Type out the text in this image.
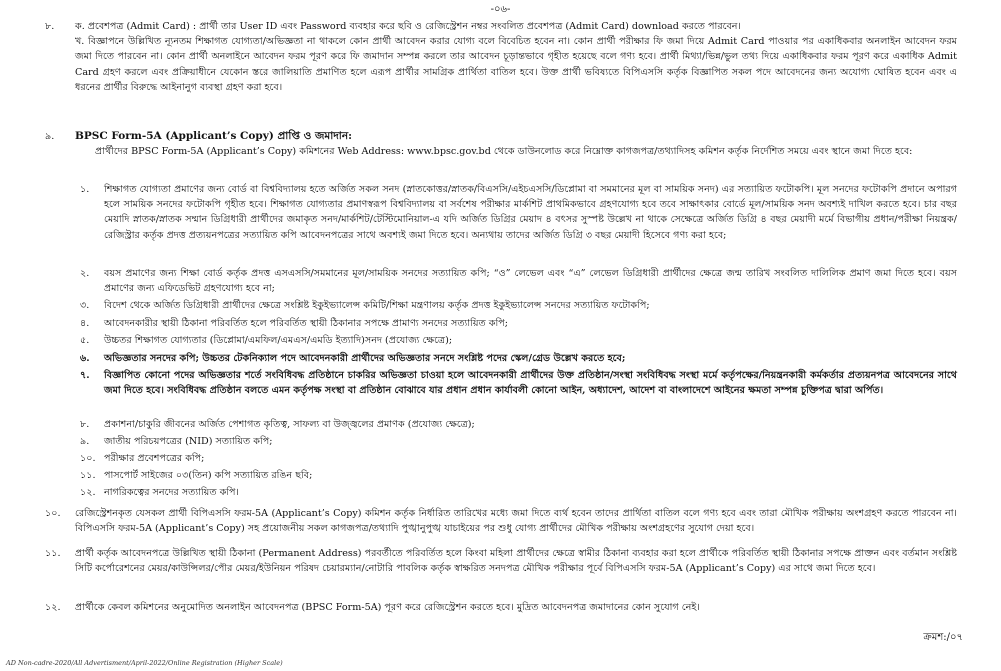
-০৬-
৮. ক. প্রবেশপত্র (Admit Card) : প্রার্থী তার User ID এবং Password ব্যবহার করে ছবি ও রেজিস্ট্রেশন নম্বর সংবলিত প্রবেশপত্র (Admit Card) download করতে পারবেন।

খ. বিজ্ঞাপনে উল্লিখিত ন্যূনতম শিক্ষাগত যোগ্যতা/অভিজ্ঞতা না থাকলে কোন প্রার্থী আবেদন করার যোগ্য বলে বিবেচিত হবেন না। কোন প্রার্থী পরীক্ষার ফি জমা দিয়ে Admit Card পাওয়ার পর একাধিকবার অনলাইন আবেদন ফরম জমা দিতে পারবেন না। কোন প্রার্থী অনলাইনে আবেদন ফরম পূরণ করে ফি জমাদান সম্পন্ন করলে তার আবেদন চূড়ান্তভাবে গৃহীত হয়েছে বলে গণ্য হবে। প্রার্থী মিথ্যা/ভিন্ন/ভুল তথ্য দিয়ে একাধিকবার ফরম পূরণ করে একাধিক Admit Card গ্রহণ করলে এবং প্রক্রিয়াধীনে যেকোন স্তরে জালিয়াতি প্রমাণিত হলে এরূপ প্রার্থীর সামগ্রিক প্রার্থিতা বাতিল হবে। উক্ত প্রার্থী ভবিষ্যতে বিপিএসসি কর্তৃক বিজ্ঞাপিত সকল পদে আবেদনের জন্য অযোগ্য ঘোষিত হবেন এবং এ ধরনের প্রার্থীর বিরুদ্ধে আইনানুগ ব্যবস্থা গ্রহণ করা হবে।

৯. BPSC Form-5A (Applicant’s Copy) প্রাপ্তি ও জমাদান:

প্রার্থীদের BPSC Form-5A (Applicant’s Copy) কমিশনের Web Address: www.bpsc.gov.bd থেকে ডাউনলোড করে নিম্নোক্ত কাগজপত্র/তথ্যাদিসহ কমিশন কর্তৃক নির্দেশিত সময়ে এবং স্থানে জমা দিতে হবে:

১. শিক্ষাগত যোগ্যতা প্রমাণের জন্য বোর্ড বা বিশ্ববিদ্যালয় হতে অর্জিত সকল সনদ (স্নাতকোত্তর/স্নাতক/বিএসসি/এইচএসসি/ডিপ্লোমা বা সমমানের মূল বা সাময়িক সনদ) এর সত্যায়িত ফটোকপি। মূল সনদের ফটোকপি প্রদানে অপারগ হলে সাময়িক সনদের ফটোকপি গৃহীত হবে। শিক্ষাগত যোগ্যতার প্রমাণস্বরূপ বিশ্ববিদ্যালয় বা সর্বশেষ পরীক্ষার মার্কশিট প্রাথমিকভাবে গ্রহণযোগ্য হবে তবে সাক্ষাৎকার বোর্ডে মূল/সাময়িক সনদ অবশ্যই দাখিল করতে হবে। চার বছর মেয়াদি স্নাতক/স্নাতক সম্মান ডিগ্রিধারী প্রার্থীদের জমাকৃত সনদ/মার্কশিট/টেস্টিমোনিয়াল-এ যদি অর্জিত ডিগ্রির মেয়াদ ৪ বৎসর সুস্পষ্ট উল্লেখ না থাকে সেক্ষেত্রে অর্জিত ডিগ্রি ৪ বছর মেয়াদী মর্মে বিভাগীয় প্রধান/পরীক্ষা নিয়ন্ত্রক/রেজিস্ট্রার কর্তৃক প্রদত্ত প্রত্যয়নপত্রের সত্যায়িত কপি আবেদনপত্রের সাথে অবশ্যই জমা দিতে হবে। অন্যথায় তাদের অর্জিত ডিগ্রি ৩ বছর মেয়াদী হিসেবে গণ্য করা হবে;

২. বয়স প্রমাণের জন্য শিক্ষা বোর্ড কর্তৃক প্রদত্ত এসএসসি/সমমানের মূল/সাময়িক সনদের সত্যায়িত কপি; “ও” লেভেল এবং “এ” লেভেল ডিগ্রিধারী প্রার্থীদের ক্ষেত্রে জন্ম তারিখ সংবলিত দালিলিক প্রমাণ জমা দিতে হবে। বয়স প্রমাণের জন্য এফিডেভিট গ্রহণযোগ্য হবে না;

৩. বিদেশ থেকে অর্জিত ডিগ্রিধারী প্রার্থীদের ক্ষেত্রে সংশ্লিষ্ট ইকুইভ্যালেন্স কমিটি/শিক্ষা মন্ত্রণালয় কর্তৃক প্রদত্ত ইকুইভ্যালেন্স সনদের সত্যায়িত ফটোকপি;

৪. আবেদনকারীর স্থায়ী ঠিকানা পরিবর্তিত হলে পরিবর্তিত স্থায়ী ঠিকানার সপক্ষে প্রামাণ্য সনদের সত্যায়িত কপি;

৫. উচ্চতর শিক্ষাগত যোগ্যতার (ডিপ্লোমা/এমফিল/এমএস/এমডি ইত্যাদি)সনদ (প্রযোজ্য ক্ষেত্রে);

৬. অভিজ্ঞতার সনদের কপি; উচ্চতর টেকনিক্যাল পদে আবেদনকারী প্রার্থীদের অভিজ্ঞতার সনদে সংশ্লিষ্ট পদের স্কেল/গ্রেড উল্লেখ করতে হবে;

৭. বিজ্ঞাপিত কোনো পদের অভিজ্ঞতার শর্তে সংবিধিবদ্ধ প্রতিষ্ঠানে চাকরির অভিজ্ঞতা চাওয়া হলে আবেদনকারী প্রার্থীদের উক্ত প্রতিষ্ঠান/সংস্থা সংবিধিবদ্ধ সংস্থা মর্মে কর্তৃপক্ষের/নিয়ন্ত্রনকারী কর্মকর্তার প্রত্যয়নপত্র আবেদনের সাথে জমা দিতে হবে। সংবিধিবদ্ধ প্রতিষ্ঠান বলতে এমন কর্তৃপক্ষ সংস্থা বা প্রতিষ্ঠান বোঝাবে যার প্রধান প্রধান কার্যাবলী কোনো আইন, অধ্যাদেশ, আদেশ বা বাংলাদেশে আইনের ক্ষমতা সম্পন্ন চুক্তিপত্র দ্বারা অর্পিত।

৮. প্রকাশনা/চাকুরি জীবনের অর্জিত পেশাগত কৃতিত্ব, সাফল্য বা উজ্জ্বলের প্রমাণক (প্রযোজ্য ক্ষেত্রে);

৯. জাতীয় পরিচয়পত্রের (NID) সত্যায়িত কপি;

১০. পরীক্ষার প্রবেশপত্রের কপি;

১১. পাসপোর্ট সাইজের ০৩(তিন) কপি সত্যায়িত রঙিন ছবি;

১২. নাগরিকত্বের সনদের সত্যায়িত কপি।

১০. রেজিস্ট্রেশনকৃত যেসকল প্রার্থী বিপিএসসি ফরম-5A (Applicant’s Copy) কমিশন কর্তৃক নির্ধারিত তারিখের মধ্যে জমা দিতে ব্যর্থ হবেন তাদের প্রার্থিতা বাতিল বলে গণ্য হবে এবং তারা মৌখিক পরীক্ষায় অংশগ্রহণ করতে পারবেন না। বিপিএসসি ফরম-5A (Applicant’s Copy) সহ প্রয়োজনীয় সকল কাগজপত্র/তথ্যাদি পুঙ্খানুপুঙ্খ যাচাইয়ের পর শুধু যোগ্য প্রার্থীদের মৌখিক পরীক্ষায় অংশগ্রহণের সুযোগ দেয়া হবে।

১১. প্রার্থী কর্তৃক আবেদনপত্রে উল্লিখিত স্থায়ী ঠিকানা (Permanent Address) পরবর্তীতে পরিবর্তিত হলে কিংবা মহিলা প্রার্থীদের ক্ষেত্রে স্বামীর ঠিকানা ব্যবহার করা হলে প্রার্থীকে পরিবর্তিত স্থায়ী ঠিকানার সপক্ষে প্রাক্তন এবং বর্তমান সংশ্লিষ্ট সিটি কর্পোরেশনের মেয়র/কাউন্সিলর/পৌর মেয়র/ইউনিয়ন পরিষদ চেয়ারম্যান/নোটারি পাবলিক কর্তৃক স্বাক্ষরিত সনদপত্র মৌখিক পরীক্ষার পূর্বে বিপিএসসি ফরম-5A (Applicant’s Copy) এর সাথে জমা দিতে হবে।

১২. প্রার্থীকে কেবল কমিশনের অনুমোদিত অনলাইন আবেদনপত্র (BPSC Form-5A) পূরণ করে রেজিস্ট্রেশন করতে হবে। মুদ্রিত আবেদনপত্র জমাদানের কোন সুযোগ নেই।

ক্রমশ:/০৭
AD Non-cadre-2020/All Advertisment/April-2022/Online Registration (Higher Scale)
